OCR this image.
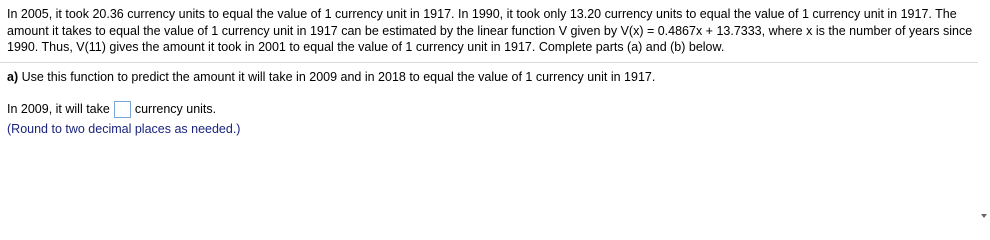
In 2005, it took 20.36 currency units to equal the value of 1 currency unit in 1917. In 1990, it took only 13.20 currency units to equal the value of 1 currency unit in 1917. The amount it takes to equal the value of 1 currency unit in 1917 can be estimated by the linear function V given by V(x) = 0.4867x + 13.7333, where x is the number of years since 1990. Thus, V(11) gives the amount it took in 2001 to equal the value of 1 currency unit in 1917. Complete parts (a) and (b) below.
a) Use this function to predict the amount it will take in 2009 and in 2018 to equal the value of 1 currency unit in 1917.
In 2009, it will take currency units.
(Round to two decimal places as needed.)
